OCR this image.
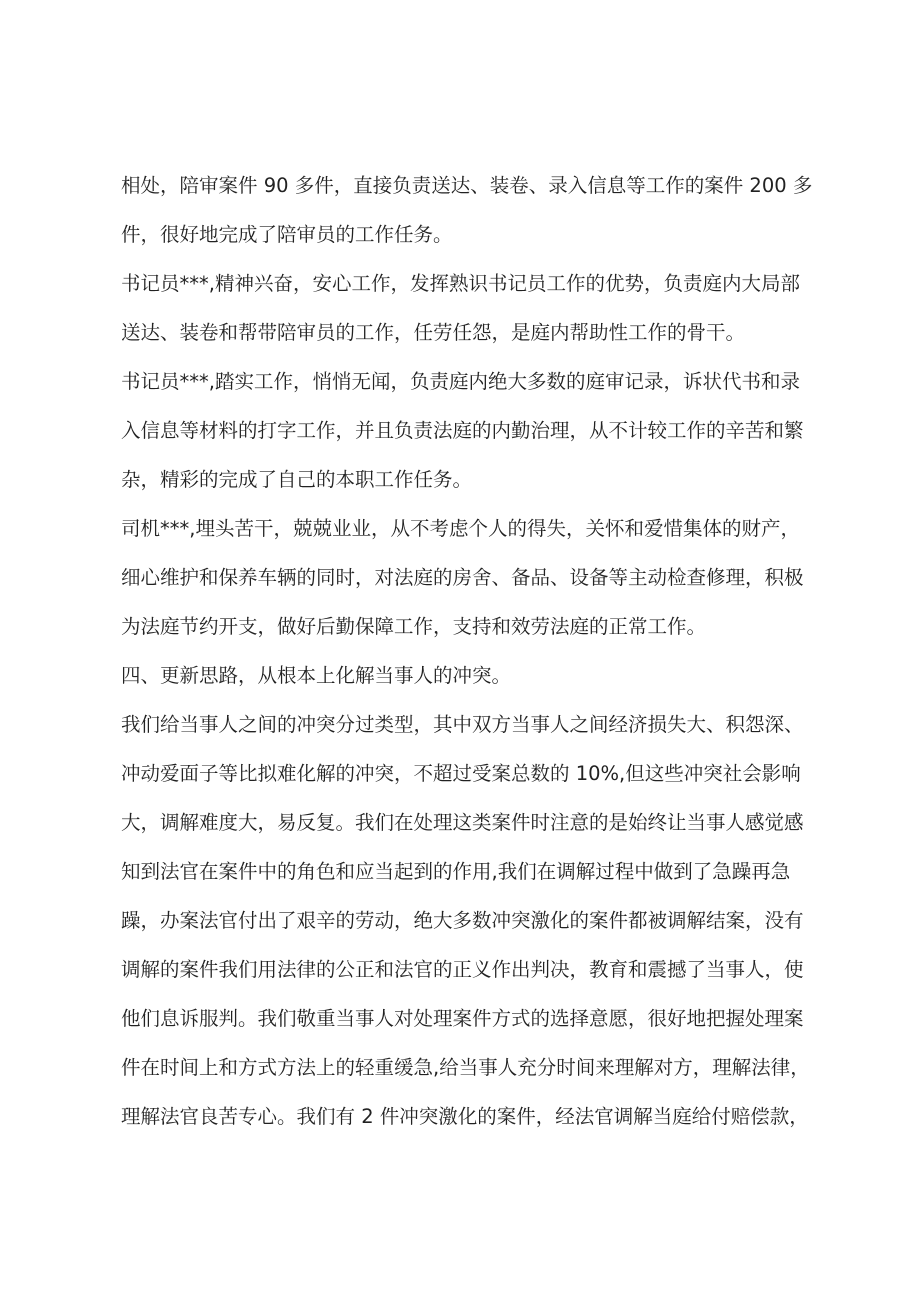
相处，陪审案件 90 多件，直接负责送达、装卷、录入信息等工作的案件 200 多

件，很好地完成了陪审员的工作任务。

书记员***,精神兴奋，安心工作，发挥熟识书记员工作的优势，负责庭内大局部

送达、装卷和帮带陪审员的工作，任劳任怨，是庭内帮助性工作的骨干。

书记员***,踏实工作，悄悄无闻，负责庭内绝大多数的庭审记录，诉状代书和录

入信息等材料的打字工作，并且负责法庭的内勤治理，从不计较工作的辛苦和繁

杂，精彩的完成了自己的本职工作任务。

司机***,埋头苦干，兢兢业业，从不考虑个人的得失，关怀和爱惜集体的财产，

细心维护和保养车辆的同时，对法庭的房舍、备品、设备等主动检查修理，积极

为法庭节约开支，做好后勤保障工作，支持和效劳法庭的正常工作。

四、更新思路，从根本上化解当事人的冲突。

我们给当事人之间的冲突分过类型，其中双方当事人之间经济损失大、积怨深、

冲动爱面子等比拟难化解的冲突，不超过受案总数的 10%,但这些冲突社会影响

大，调解难度大，易反复。我们在处理这类案件时注意的是始终让当事人感觉感

知到法官在案件中的角色和应当起到的作用,我们在调解过程中做到了急躁再急

躁，办案法官付出了艰辛的劳动，绝大多数冲突激化的案件都被调解结案，没有

调解的案件我们用法律的公正和法官的正义作出判决，教育和震撼了当事人，使

他们息诉服判。我们敬重当事人对处理案件方式的选择意愿，很好地把握处理案

件在时间上和方式方法上的轻重缓急,给当事人充分时间来理解对方，理解法律，

理解法官良苦专心。我们有 2 件冲突激化的案件，经法官调解当庭给付赔偿款，
